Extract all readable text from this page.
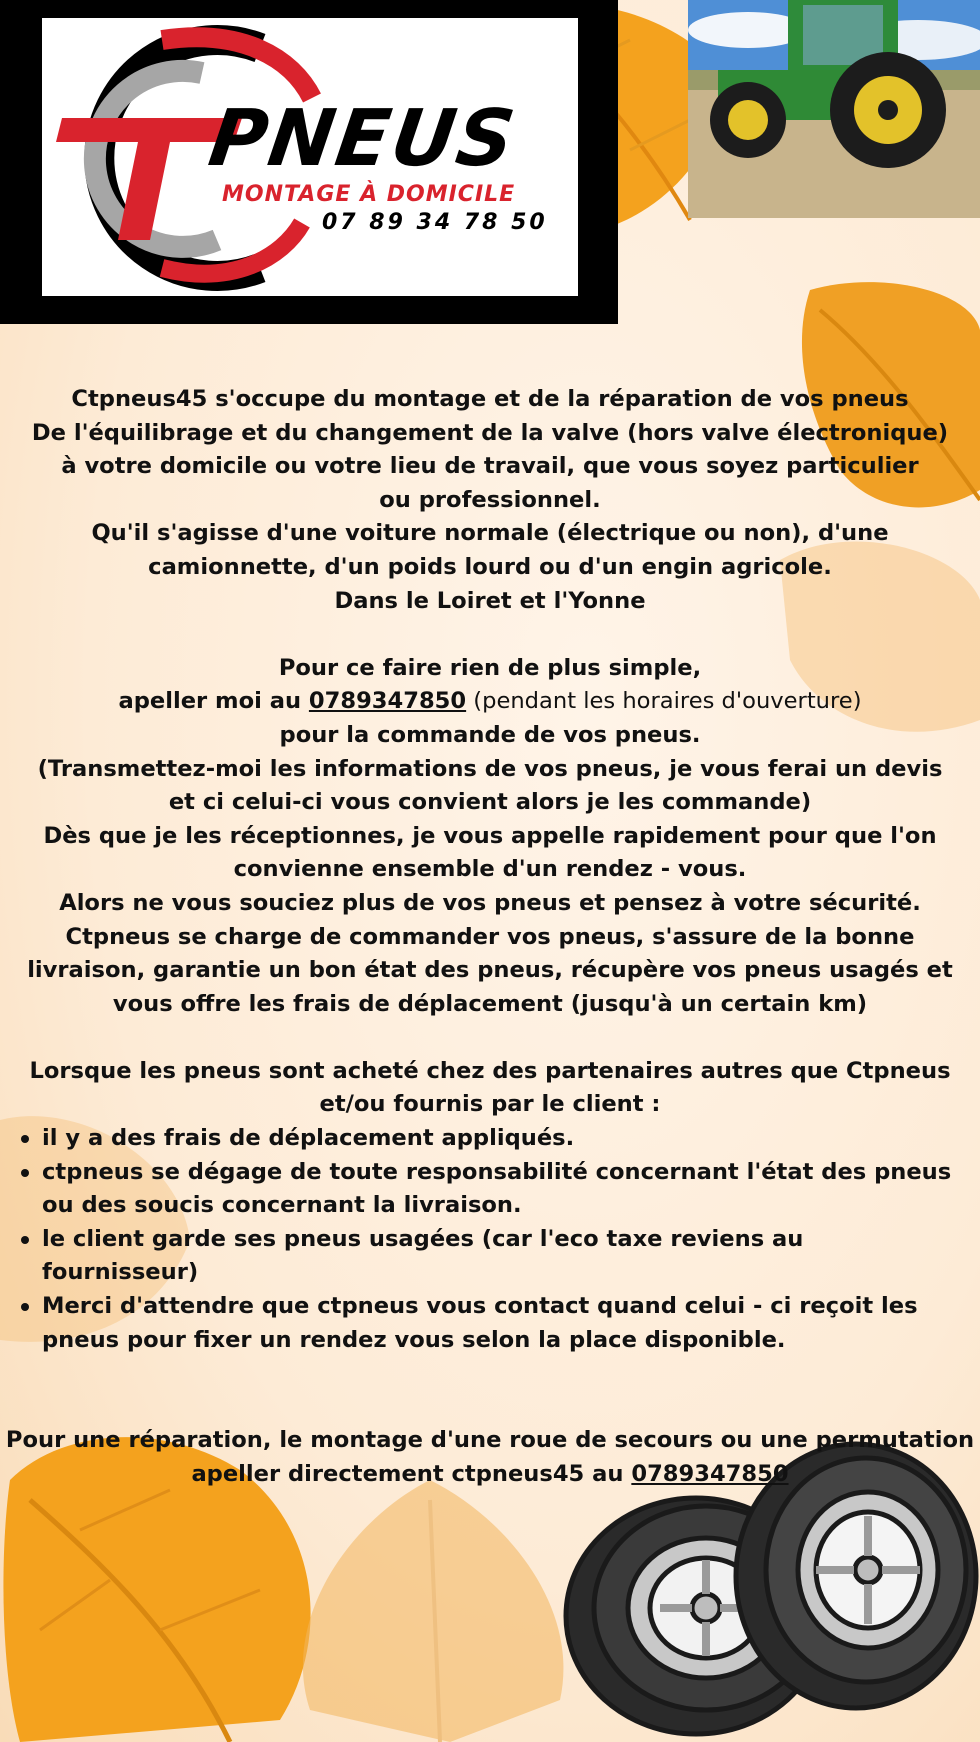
PNEUS
MONTAGE À DOMICILE
07 89 34 78 50

Ctpneus45 s'occupe du montage et de la réparation de vos pneus

De l'équilibrage et du changement de la valve (hors valve électronique)

à votre domicile ou votre lieu de travail, que vous soyez particulier ou professionnel.

Qu'il s'agisse d'une voiture normale (électrique ou non), d'une camionnette, d'un poids lourd ou d'un engin agricole.

Dans le Loiret et l'Yonne

Pour ce faire rien de plus simple,

apeller moi au 0789347850 (pendant les horaires d'ouverture)

pour la commande de vos pneus.

(Transmettez-moi les informations de vos pneus, je vous ferai un devis et ci celui-ci vous convient alors je les commande)

Dès que je les réceptionnes, je vous appelle rapidement pour que l'on convienne ensemble d'un rendez - vous.

Alors ne vous souciez plus de vos pneus et pensez à votre sécurité.

Ctpneus se charge de commander vos pneus, s'assure de la bonne livraison, garantie un bon état des pneus, récupère vos pneus usagés et vous offre les frais de déplacement (jusqu'à un certain km)

Lorsque les pneus sont acheté chez des partenaires autres que Ctpneus et/ou fournis par le client :

il y a des frais de déplacement appliqués.
ctpneus se dégage de toute responsabilité concernant l'état des pneus ou des soucis concernant la livraison.
le client garde ses pneus usagées (car l'eco taxe reviens au fournisseur)
Merci d'attendre que ctpneus vous contact quand celui - ci reçoit les pneus pour fixer un rendez vous selon la place disponible.

Pour une réparation, le montage d'une roue de secours ou une permutation

apeller directement ctpneus45 au 0789347850
